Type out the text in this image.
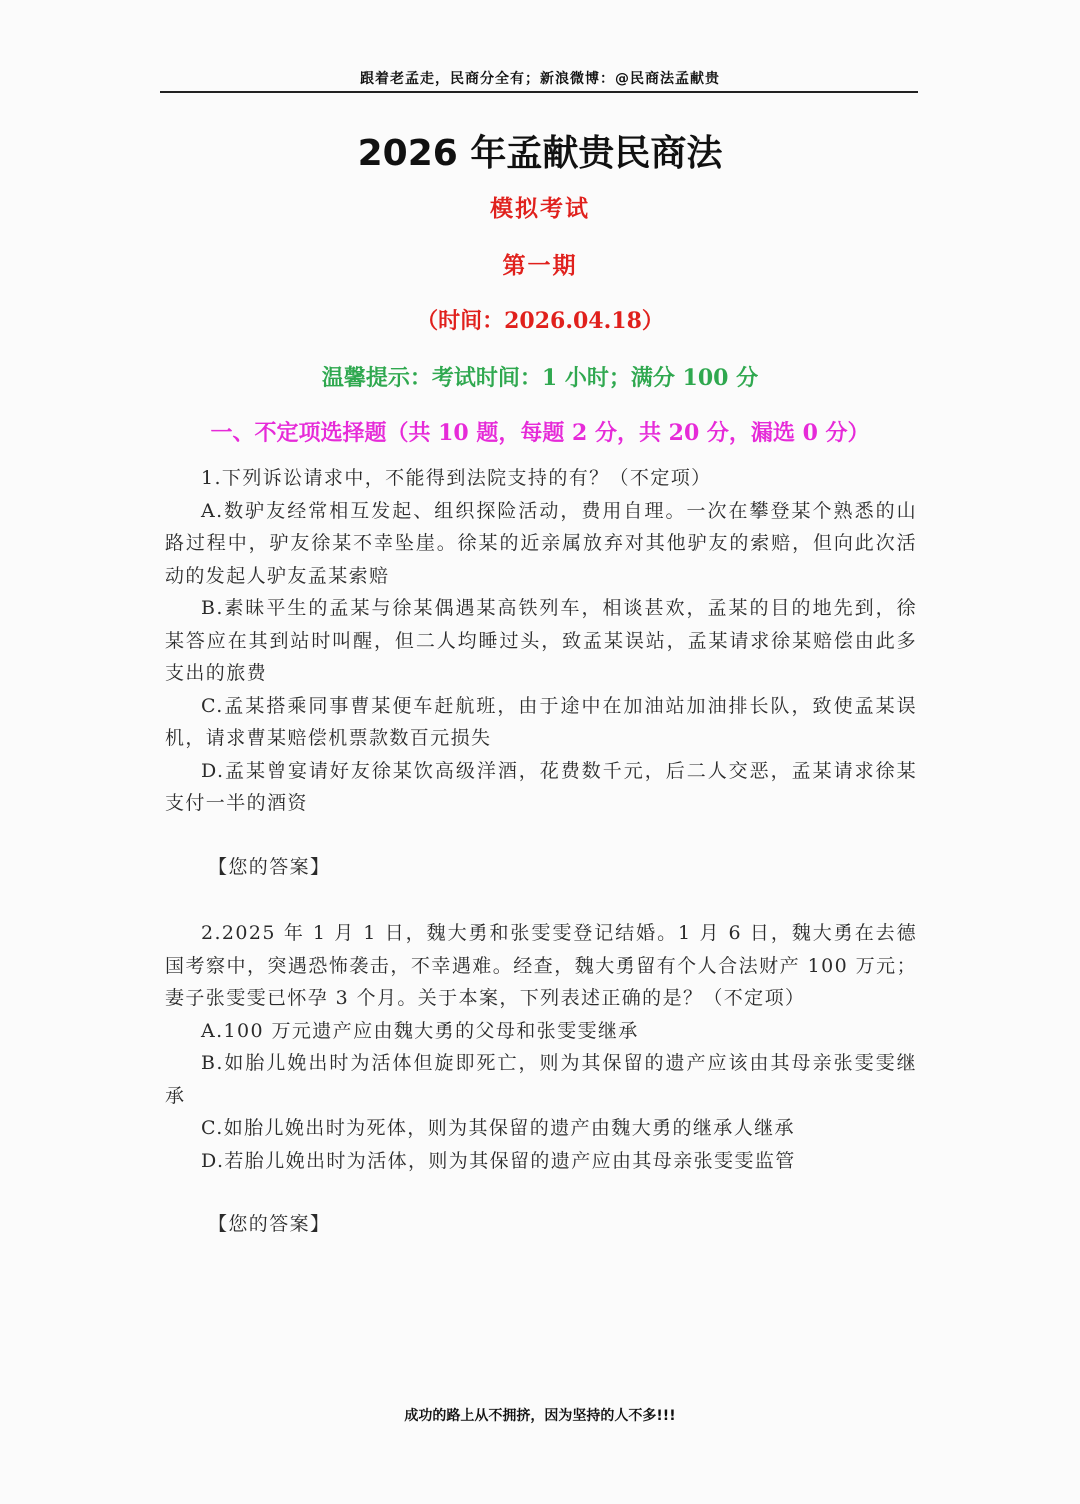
跟着老孟走，民商分全有；新浪微博：@民商法孟献贵
2026 年孟献贵民商法
模拟考试
第一期
（时间：2026.04.18）
温馨提示：考试时间：1 小时；满分 100 分
一、不定项选择题（共 10 题，每题 2 分，共 20 分，漏选 0 分）

1.下列诉讼请求中，不能得到法院支持的有？（不定项）

A.数驴友经常相互发起、组织探险活动，费用自理。一次在攀登某个熟悉的山路过程中，驴友徐某不幸坠崖。徐某的近亲属放弃对其他驴友的索赔，但向此次活动的发起人驴友孟某索赔

B.素昧平生的孟某与徐某偶遇某高铁列车，相谈甚欢，孟某的目的地先到，徐某答应在其到站时叫醒，但二人均睡过头，致孟某误站，孟某请求徐某赔偿由此多支出的旅费

C.孟某搭乘同事曹某便车赶航班，由于途中在加油站加油排长队，致使孟某误机，请求曹某赔偿机票款数百元损失

D.孟某曾宴请好友徐某饮高级洋酒，花费数千元，后二人交恶，孟某请求徐某支付一半的酒资

【您的答案】

2.2025 年 1 月 1 日，魏大勇和张雯雯登记结婚。1 月 6 日，魏大勇在去德国考察中，突遇恐怖袭击，不幸遇难。经查，魏大勇留有个人合法财产 100 万元；妻子张雯雯已怀孕 3 个月。关于本案，下列表述正确的是？（不定项）

A.100 万元遗产应由魏大勇的父母和张雯雯继承

B.如胎儿娩出时为活体但旋即死亡，则为其保留的遗产应该由其母亲张雯雯继承

C.如胎儿娩出时为死体，则为其保留的遗产由魏大勇的继承人继承

D.若胎儿娩出时为活体，则为其保留的遗产应由其母亲张雯雯监管

【您的答案】
成功的路上从不拥挤，因为坚持的人不多!!!
